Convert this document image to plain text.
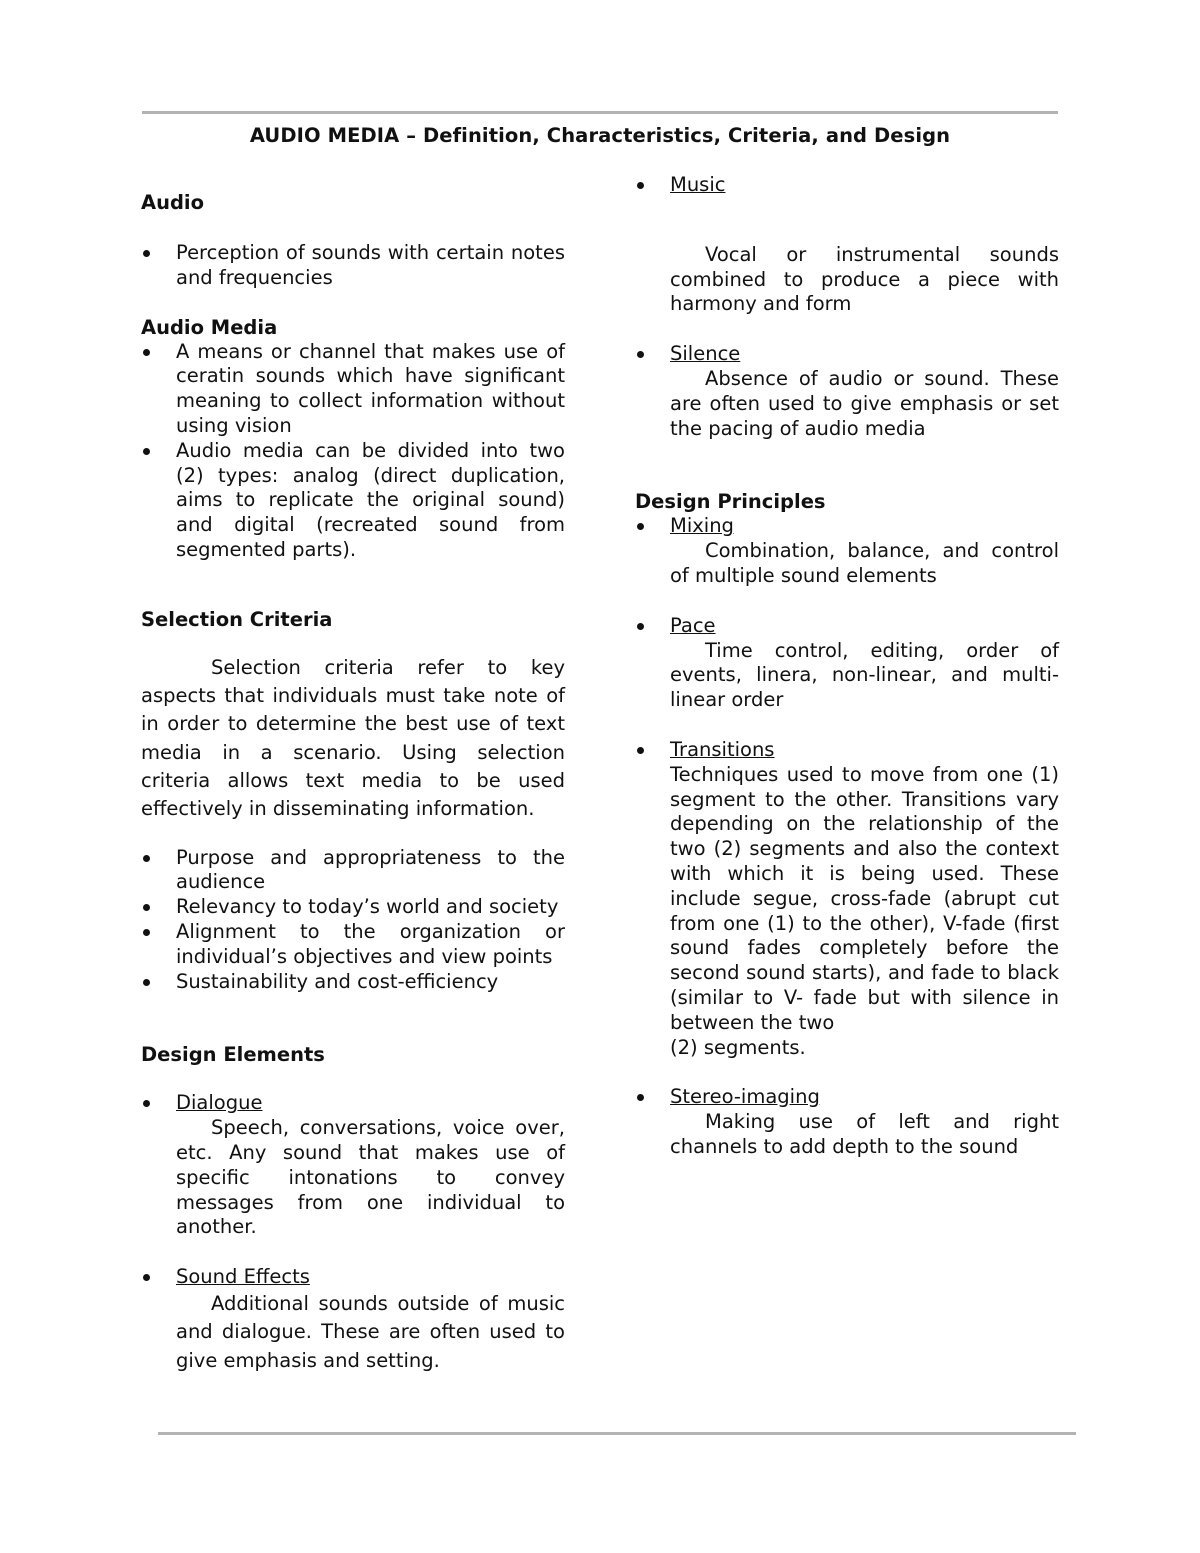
AUDIO MEDIA – Definition, Characteristics, Criteria, and Design

Audio

Perception of sounds with certain notes and frequencies

Audio Media

A means or channel that makes use of ceratin sounds which have significant meaning to collect information without using vision
Audio media can be divided into two (2) types: analog (direct duplication, aims to replicate the original sound) and digital (recreated sound from segmented parts).

Selection Criteria

Selection criteria refer to key aspects that individuals must take note of in order to determine the best use of text media in a scenario. Using selection criteria allows text media to be used effectively in disseminating information.

Purpose and appropriateness to the audience
Relevancy to today’s world and society
Alignment to the organization or individual’s objectives and view points
Sustainability and cost-efficiency

Design Elements

Dialogue
Speech, conversations, voice over, etc. Any sound that makes use of specific intonations to convey messages from one individual to another.
Sound Effects
Additional sounds outside of music and dialogue. These are often used to give emphasis and setting.
Music
Vocal or instrumental sounds combined to produce a piece with harmony and form
Silence
Absence of audio or sound. These are often used to give emphasis or set the pacing of audio media

Design Principles

Mixing
Combination, balance, and control of multiple sound elements
Pace
Time control, editing, order of events, linera, non-linear, and multi-linear order
Transitions
Techniques used to move from one (1) segment to the other. Transitions vary depending on the relationship of the two (2) segments and also the context with which it is being used. These include segue, cross-fade (abrupt cut from one (1) to the other), V-fade (first sound fades completely before the second sound starts), and fade to black (similar to V- fade but with silence in between the two
(2) segments.
Stereo-imaging
Making use of left and right channels to add depth to the sound
